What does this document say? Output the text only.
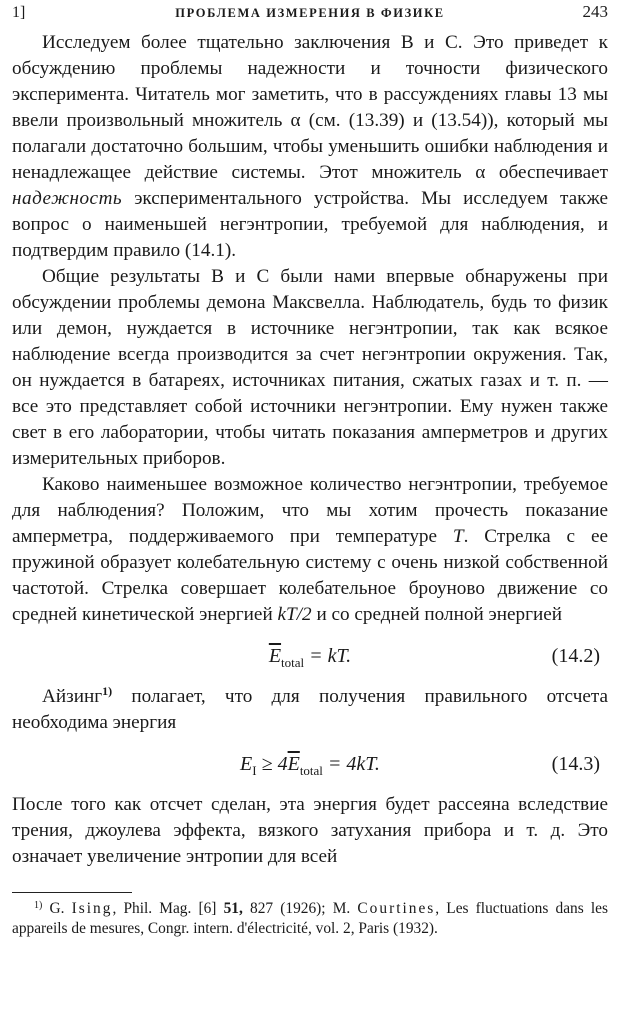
1]	ПРОБЛЕМА ИЗМЕРЕНИЯ В ФИЗИКЕ	243

Исследуем более тщательно заключения B и C. Это приведет к обсуждению проблемы надежности и точности физического эксперимента. Читатель мог заметить, что в рассуждениях главы 13 мы ввели произвольный множитель α (см. (13.39) и (13.54)), который мы полагали достаточно большим, чтобы уменьшить ошибки наблюдения и ненадлежащее действие системы. Этот множитель α обеспечивает надежность экспериментального устройства. Мы исследуем также вопрос о наименьшей негэнтропии, требуемой для наблюдения, и подтвердим правило (14.1).

Общие результаты B и C были нами впервые обнаружены при обсуждении проблемы демона Максвелла. Наблюдатель, будь то физик или демон, нуждается в источнике негэнтропии, так как всякое наблюдение всегда производится за счет негэнтропии окружения. Так, он нуждается в батареях, источниках питания, сжатых газах и т. п. — все это представляет собой источники негэнтропии. Ему нужен также свет в его лаборатории, чтобы читать показания амперметров и других измерительных приборов.

Каково наименьшее возможное количество негэнтропии, требуемое для наблюдения? Положим, что мы хотим прочесть показание амперметра, поддерживаемого при температуре T. Стрелка с ее пружиной образует колебательную систему с очень низкой собственной частотой. Стрелка совершает колебательное броуново движение со средней кинетической энергией kT/2 и со средней полной энергией

$\overline{E}_{total}$ = kT.	(14.2)

Айзинг$^{1)}$ полагает, что для получения правильного отсчета необходима энергия

$E_I \ge 4\overline{E}_{total} = 4kT$.	(14.3)

После того как отсчет сделан, эта энергия будет рассеяна вследствие трения, джоулева эффекта, вязкого затухания прибора и т. д. Это означает увеличение энтропии для всей

$^{1)}$ G. Ising, Phil. Mag. [6] 51, 827 (1926); M. Courtines, Les fluctuations dans les appareils de mesures, Congr. intern. d'électricité, vol. 2, Paris (1932).
